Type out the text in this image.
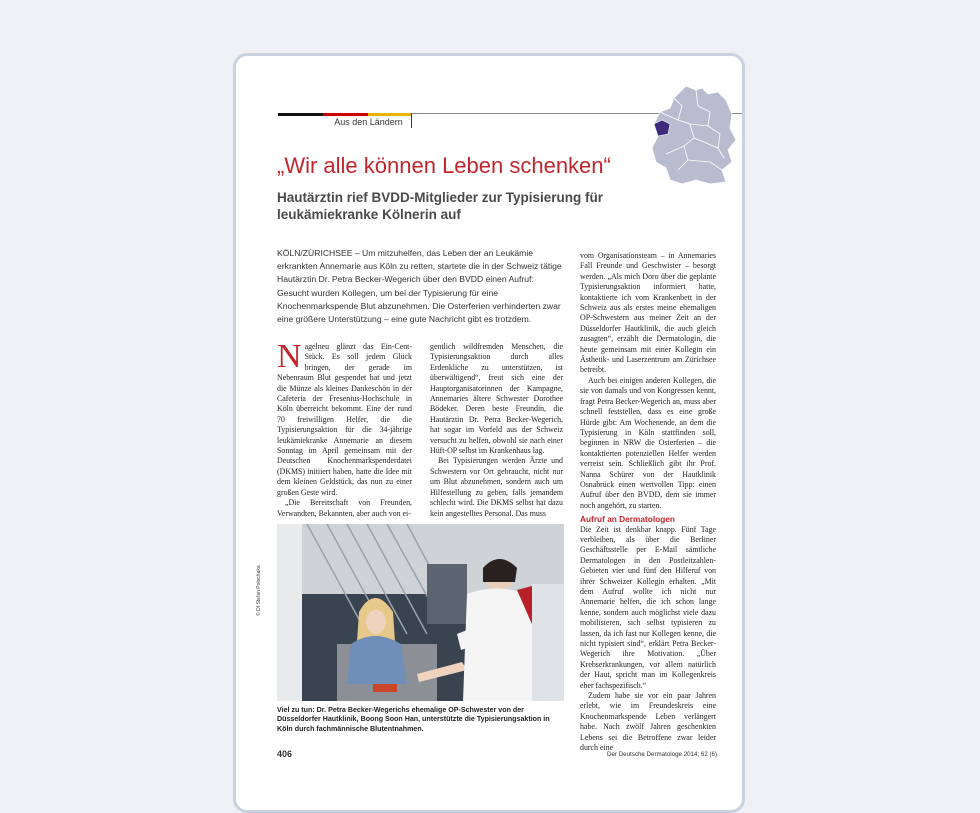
Aus den Ländern
„Wir alle können Leben schenken“
Hautärztin rief BVDD-Mitglieder zur Typisierung für leukämiekranke Kölnerin auf
KÖLN/ZÜRICHSEE – Um mitzuhelfen, das Leben der an Leukämie erkrankten Annemarie aus Köln zu retten, startete die in der Schweiz tätige Hautärztin Dr. Petra Becker-Wegerich über den BVDD einen Aufruf: Gesucht wurden Kollegen, um bei der Typisierung für eine Knochenmarkspende Blut abzunehmen. Die Osterferien verhinderten zwar eine größere Unterstützung – eine gute Nachricht gibt es trotzdem.

Nagelneu glänzt das Ein-Cent-Stück. Es soll jedem Glück bringen, der gerade im Nebenraum Blut gespendet hat und jetzt die Münze als kleines Dankeschön in der Cafeteria der Fresenius-Hochschule in Köln überreicht bekommt. Eine der rund 70 freiwilligen Helfer, die die Typisierungsaktion für die 34-jährige leukämiekranke Annemarie an diesem Sonntag im April gemeinsam mit der Deutschen Knochenmarkspenderdatei (DKMS) initiiert haben, hatte die Idee mit dem kleinen Geldstück, das nun zu einer großen Geste wird.

„Die Bereitschaft von Freunden, Verwandten, Bekannten, aber auch von ei-

gentlich wildfremden Menschen, die Typisierungsaktion durch alles Erdenkliche zu unterstützen, ist überwältigend“, freut sich eine der Hauptorganisatorinnen der Kampagne, Annemaries ältere Schwester Dorothee Bödeker. Deren beste Freundin, die Hautärztin Dr. Petra Becker-Wegerich, hat sogar im Vorfeld aus der Schweiz versucht zu helfen, obwohl sie nach einer Hüft-OP selbst im Krankenhaus lag.

Bei Typisierungen werden Ärzte und Schwestern vor Ort gebraucht, nicht nur um Blut abzunehmen, sondern auch um Hilfestellung zu geben, falls jemandem schlecht wird. Die DKMS selbst hat dazu kein angestelltes Personal. Das muss

vom Organisationsteam – in Annemaries Fall Freunde und Geschwister – besorgt werden. „Als mich Doro über die geplante Typisierungsaktion informiert hatte, kontaktierte ich vom Krankenbett in der Schweiz aus als erstes meine ehemaligen OP-Schwestern aus meiner Zeit an der Düsseldorfer Hautklinik, die auch gleich zusagten“, erzählt die Dermatologin, die heute gemeinsam mit einer Kollegin ein Ästhetik- und Laserzentrum am Zürichsee betreibt.

Auch bei einigen anderen Kollegen, die sie von damals und von Kongressen kennt, fragt Petra Becker-Wegerich an, muss aber schnell feststellen, dass es eine große Hürde gibt: Am Wochenende, an dem die Typisierung in Köln stattfinden soll, beginnen in NRW die Osterferien – die kontaktierten potenziellen Helfer werden verreist sein. Schließlich gibt ihr Prof. Nanna Schürer von der Hautklinik Osnabrück einen wertvollen Tipp: einen Aufruf über den BVDD, dem sie immer noch angehört, zu starten.

Aufruf an Dermatologen

Die Zeit ist denkbar knapp. Fünf Tage verbleiben, als über die Berliner Geschäftsstelle per E-Mail sämtliche Dermatologen in den Postleitzahlen-Gebieten vier und fünf den Hilferuf von ihrer Schweizer Kollegin erhalten. „Mit dem Aufruf wollte ich nicht nur Annemarie helfen, die ich schon lange kenne, sondern auch möglichst viele dazu mobilisieren, sich selbst typisieren zu lassen, da ich fast nur Kollegen kenne, die nicht typisiert sind“, erklärt Petra Becker-Wegerich ihre Motivation. „Über Krebserkrankungen, vor allem natürlich der Haut, spricht man im Kollegenkreis eher fachspezifisch.“

Zudem habe sie vor ein paar Jahren erlebt, wie im Freundeskreis eine Knochenmarkspende Leben verlängert habe. Nach zwölf Jahren geschenkten Lebens sei die Betroffene zwar leider durch eine

© DI Stefan Potschaka
Viel zu tun: Dr. Petra Becker-Wegerichs ehemalige OP-Schwester von der Düsseldorfer Hautklinik, Boong Soon Han, unterstützte die Typisierungsaktion in Köln durch fachmännische Blutentnahmen.
406	Der Deutsche Dermatologe 2014; 62 (6)
